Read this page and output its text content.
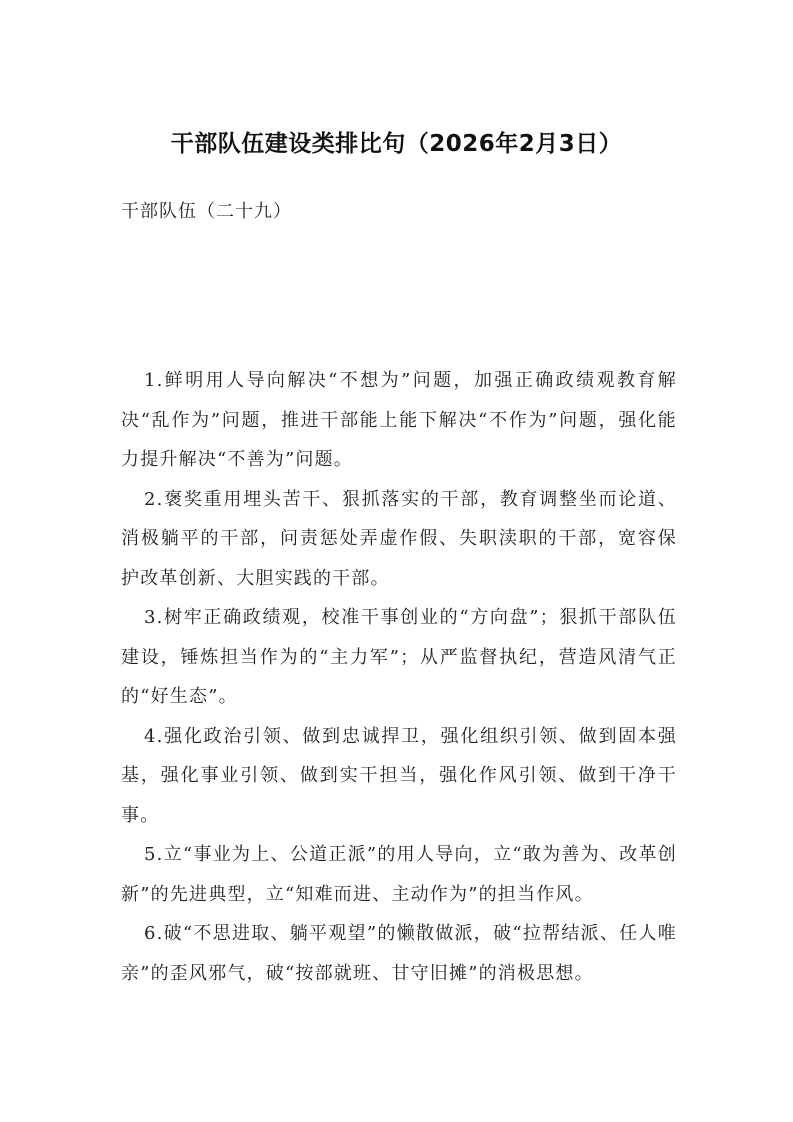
干部队伍建设类排比句（2026年2月3日）
干部队伍（二十九）

1.鲜明用人导向解决“不想为”问题，加强正确政绩观教育解决“乱作为”问题，推进干部能上能下解决“不作为”问题，强化能力提升解决“不善为”问题。

2.褒奖重用埋头苦干、狠抓落实的干部，教育调整坐而论道、消极躺平的干部，问责惩处弄虚作假、失职渎职的干部，宽容保护改革创新、大胆实践的干部。

3.树牢正确政绩观，校准干事创业的“方向盘”；狠抓干部队伍建设，锤炼担当作为的“主力军”；从严监督执纪，营造风清气正的“好生态”。

4.强化政治引领、做到忠诚捍卫，强化组织引领、做到固本强基，强化事业引领、做到实干担当，强化作风引领、做到干净干事。

5.立“事业为上、公道正派”的用人导向，立“敢为善为、改革创新”的先进典型，立“知难而进、主动作为”的担当作风。

6.破“不思进取、躺平观望”的懒散做派，破“拉帮结派、任人唯亲”的歪风邪气，破“按部就班、甘守旧摊”的消极思想。
